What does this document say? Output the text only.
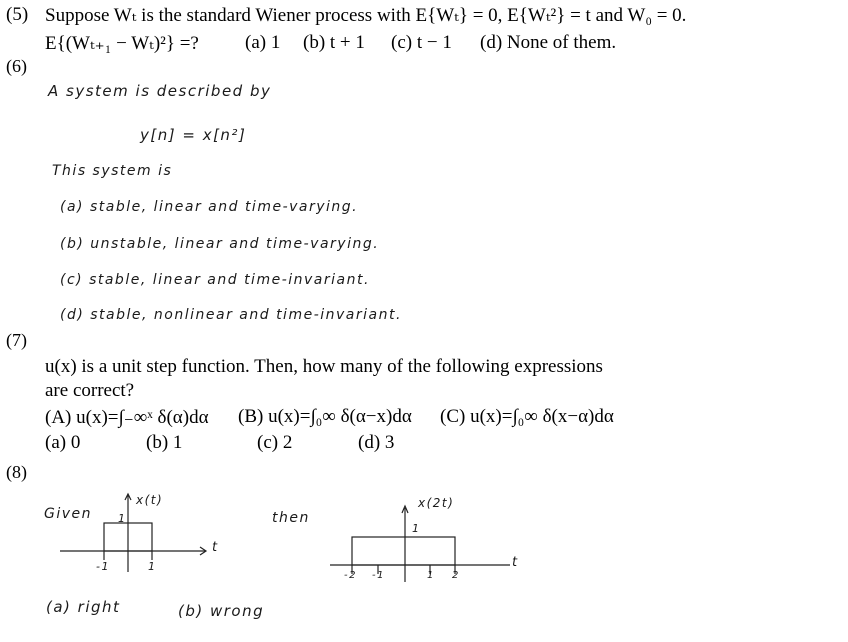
(5) Suppose Wₜ is the standard Wiener process with E{Wₜ} = 0, E{Wₜ²} = t and W₀ = 0.
E{(Wₜ₊₁ − Wₜ)²} =? (a) 1 (b) t + 1 (c) t − 1 (d) None of them.
(6)
A system is described by
y[n] = x[n²]
This system is
(a) stable, linear and time-varying.
(b) unstable, linear and time-varying.
(c) stable, linear and time-invariant.
(d) stable, nonlinear and time-invariant.
(7)
u(x) is a unit step function. Then, how many of the following expressions
are correct?
(A) u(x)=∫₋∞ˣ δ(α)dα (B) u(x)=∫₀∞ δ(α−x)dα (C) u(x)=∫₀∞ δ(x−α)dα
(a) 0	(b) 1	(c) 2	(d) 3
(8)
Given	then
x(t)
1
-1	1
t
x(2t)
1
-2 -1	1 2
t
(a) right	(b) wrong
